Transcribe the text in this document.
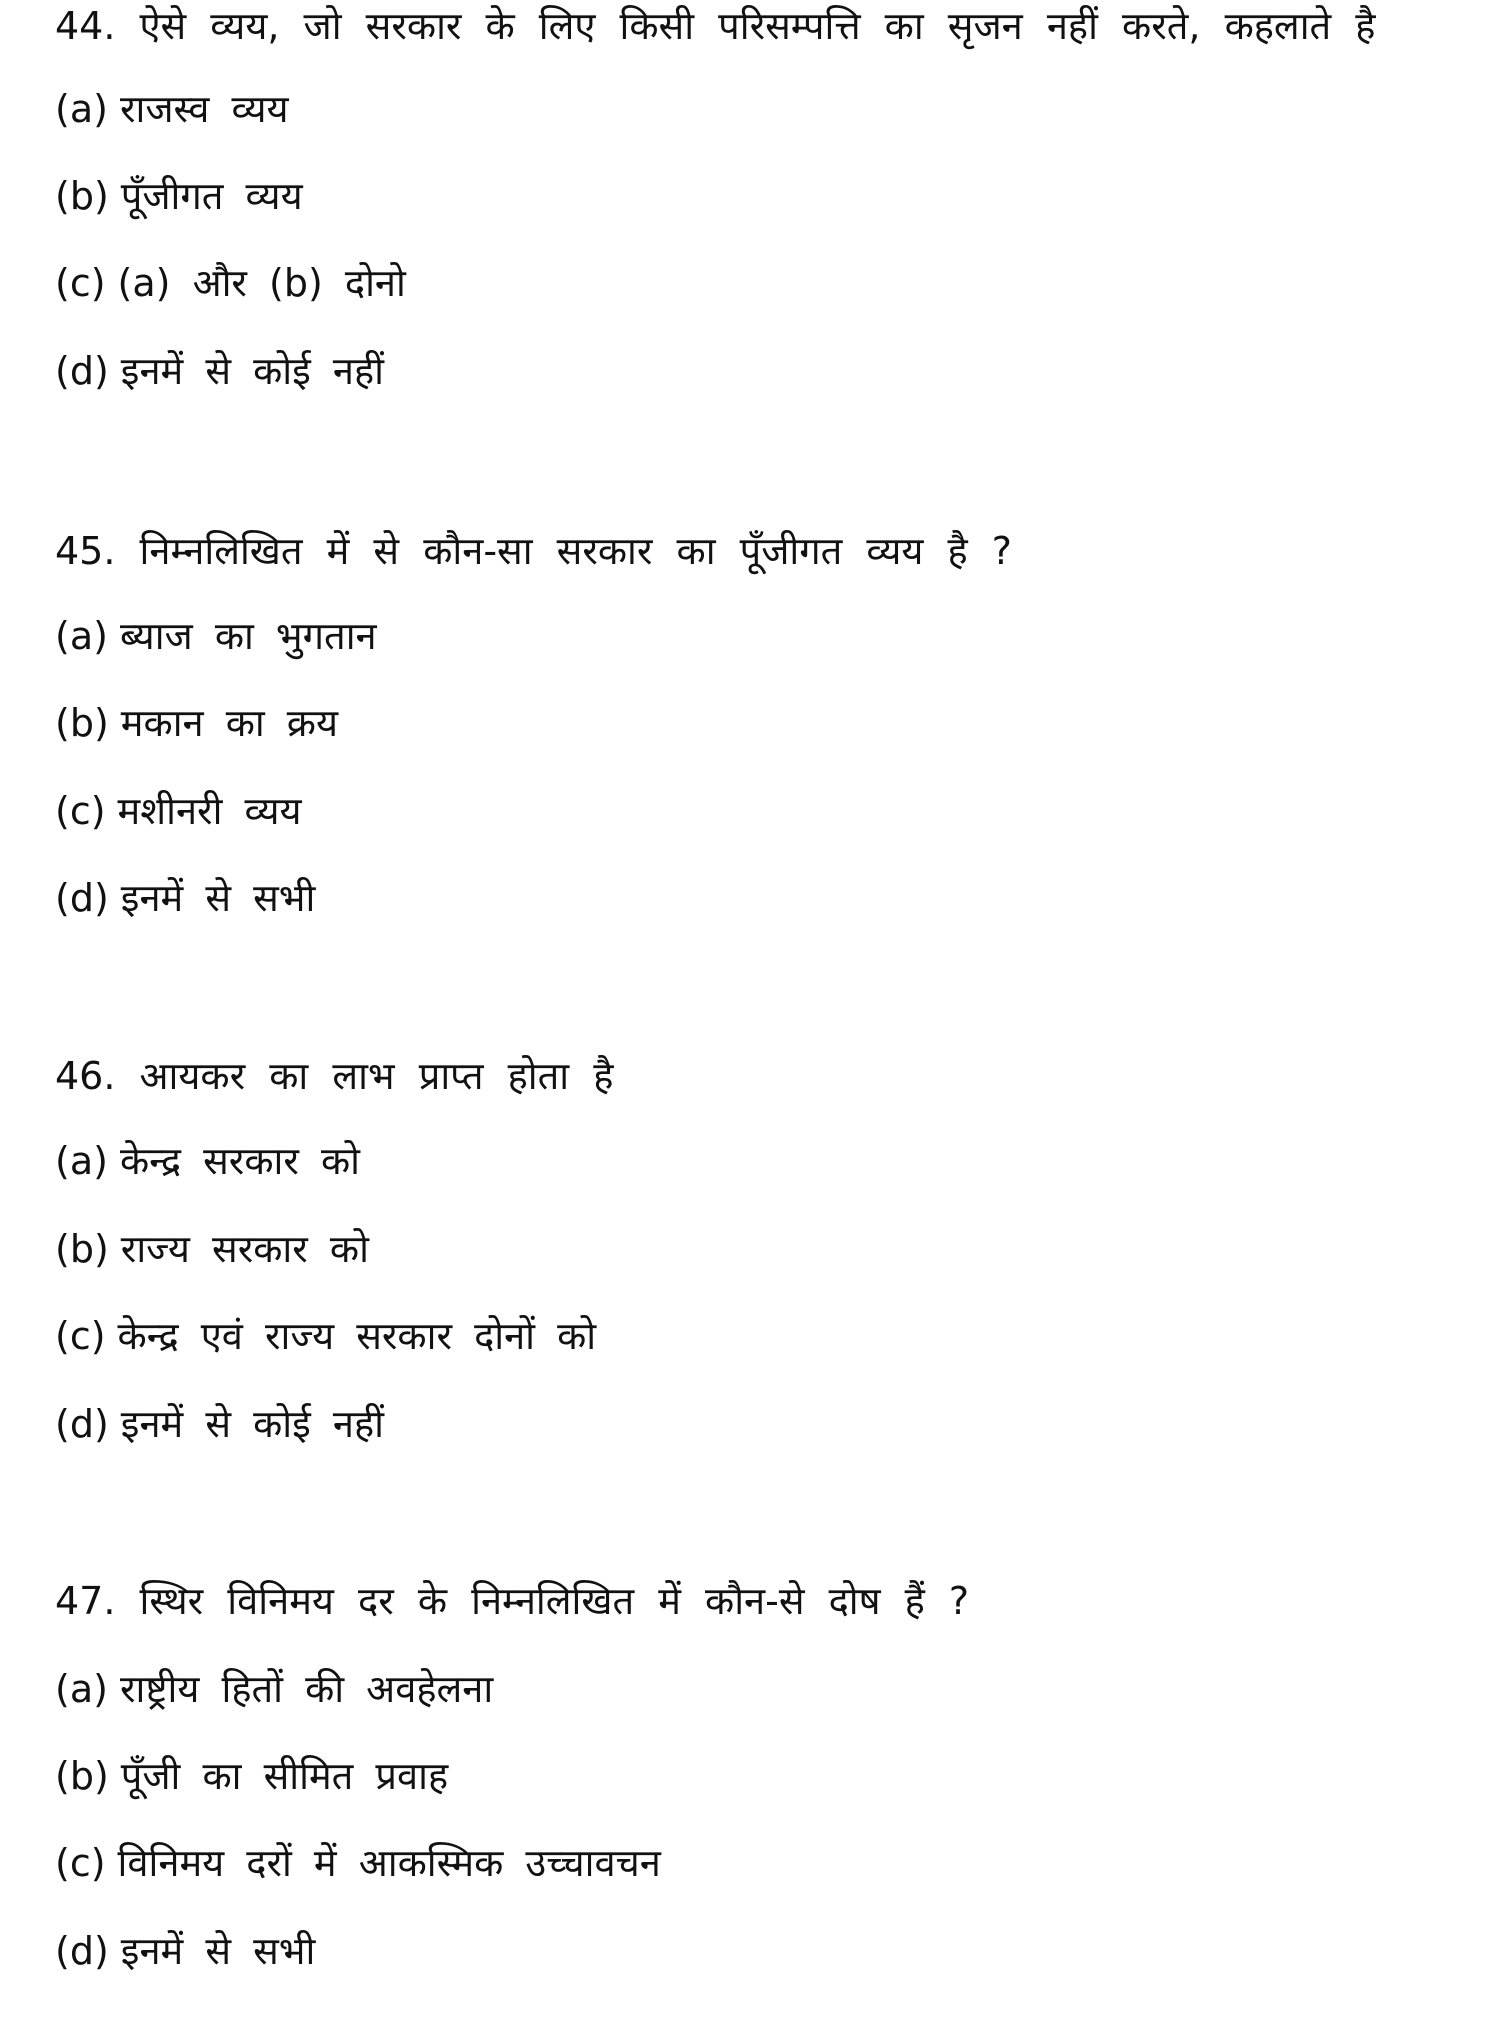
44. ऐसे व्यय, जो सरकार के लिए किसी परिसम्पत्ति का सृजन नहीं करते, कहलाते है
(a) राजस्व व्यय
(b) पूँजीगत व्यय
(c) (a) और (b) दोनो
(d) इनमें से कोई नहीं
45. निम्नलिखित में से कौन-सा सरकार का पूँजीगत व्यय है ?
(a) ब्याज का भुगतान
(b) मकान का क्रय
(c) मशीनरी व्यय
(d) इनमें से सभी
46. आयकर का लाभ प्राप्त होता है
(a) केन्द्र सरकार को
(b) राज्य सरकार को
(c) केन्द्र एवं राज्य सरकार दोनों को
(d) इनमें से कोई नहीं
47. स्थिर विनिमय दर के निम्नलिखित में कौन-से दोष हैं ?
(a) राष्ट्रीय हितों की अवहेलना
(b) पूँजी का सीमित प्रवाह
(c) विनिमय दरों में आकस्मिक उच्चावचन
(d) इनमें से सभी
